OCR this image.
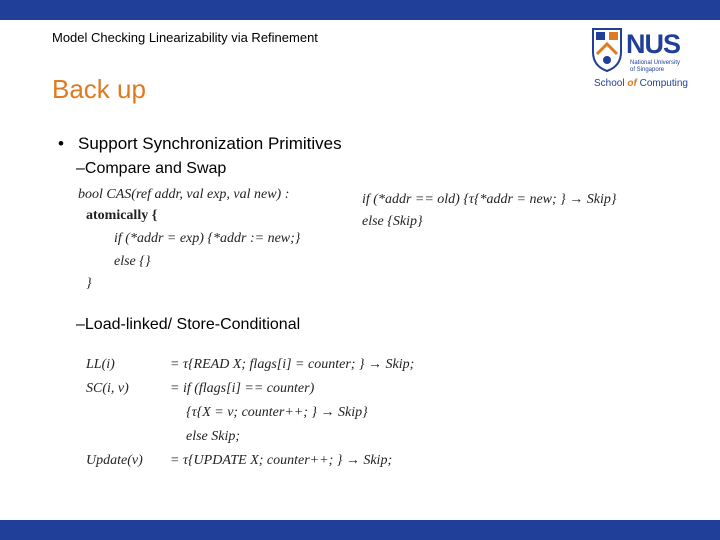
Model Checking Linearizability via Refinement	NUS
National University
of Singapore
School of Computing
Back up
• Support Synchronization Primitives
–Compare and Swap
bool CAS(ref addr, val exp, val new) :
atomically {
if (*addr = exp) {*addr := new;}
else {}
}
if (*addr == old) {τ{*addr = new; } → Skip}
else {Skip}
–Load-linked/ Store-Conditional
LL(i)	= τ{READ X; flags[i] = counter; } → Skip;
SC(i, v)	= if (flags[i] == counter)
{τ{X = v; counter++; } → Skip}
else Skip;
Update(v) = τ{UPDATE X; counter++; } → Skip;
